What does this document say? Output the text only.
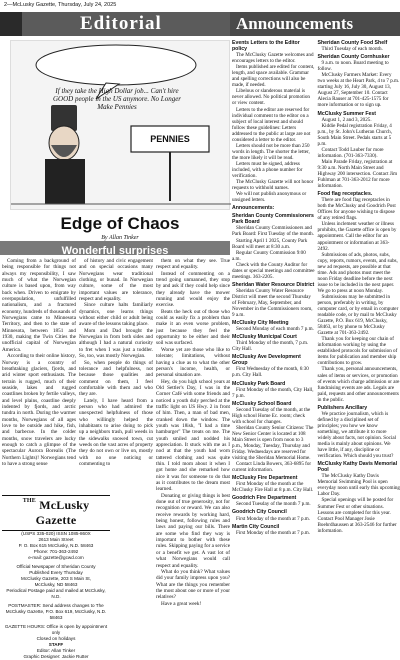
2—McLusky Gazette, Thursday, July 24, 2025
Editorial	Announcements
If they take the High Dollar job... Can't hire GOOD people in the US anymore. No Longer Make Pennies
PENNIES
Edge of Chaos
By Allan Tinker
Wonderful surprises

Coming from a background of being responsible for things not always my responsibility, I saw much of what the Norwegian culture is based upon, from way back when. Driven to emigrate by overpopulation, unfulfilled nationalism, and a fractured economy, hundreds of thousands of Norwegians came to Minnesota Territory, and then to the state of Minnesota, between 1851 and 1930, making the Twin Cities the unofficial capital of Norwegian America.

According to their online history, Norway is a country of breathtaking glaciers, fjords, and arid winter sport enthusiasts. The terrain is rugged, much of their seaside, lakes and rugged coastlines broken by fertile valleys, and level plains, coastline deeply indented by fjords, and arctic tundra in north. During the warmer months, Norwegians of all ages love to be outside and hike, fish, and barbecue. In the colder months, snow travelers are lucky enough to catch a glimpse of the spectacular Aurora Borealis (The Northern Lights)! Norwegians tend to have a strong sense

of history and civic engagement and on special occasions many Norwegians wear traditional clothing, or bunad. In Norwegian culture, some of the most important values are tolerance, respect and equality.

Since culture halts familiarly dynamics, one learns things without either child or adult being aware of the lessons taking place.

Mom and Dad brought the Norwegian in from both sides and although I had a natural curiosity to fret when I was just a toddler. So, too, was mostly Norwegian.

So, when people do things of tolerance and helpfulness, not because those qualities and comment on them, I feel comfortable with them and who they are.

Lately, I have heard from a person who had admired the unexpected helpfulness of those who willingly helped the inhabitants to arise doing to pick up a neighbors trash, pull weeds in the sidewalks snowed town, cut weeds on the vast acres of property they do not own or live on, mostly with no one noticing or commenting to

them on what they see. True respect and equality.

Instead of commenting on a trend going unmanned, they stop by and ask if they could help since they already have the mower running and would enjoy the exercise.

Beats the heck out of those who could as easily fix a problem than make it an even worse problem, just because they feel the opportunity to be either and their soil was surfaced.

Worse yet are those who like to tolerate; limitations, without having a clue as to what the other person's income, health, or personal situation are.

Hey, do you high school years at Old Settler's Day, I was in the Corner Café with some friends and noticed a youth duly perched at the traffic light on US Hwy. 2 in front of him. Then, a man of bad men, cranked down the window. The youth was 18ish, "I had a time hamburger" The treats on me. The youth smiled and nodded his appreciation. It stuck with me as I nod at that the youth had worn tattered clothing and was quite thin. I told mom about it when I got home and she remarked how nice it was for someone to do that as it contributes to the dream most learned.

Donating or giving things is best done out of true generosity, not for recognition or reward. We can also receive rewards by working hard, being honest, following rules and laws and paying our bills. There are some who find they way is important to bother with these rules. Skipping paying for a service or a benefit we get. A vast lot of what Norwegians would call respect and equality.

What do you think? What values did your family impress upon you? What are the things you remember the most about one or more of your relatives?

Have a great week!

$^{THE}$ McLusky Gazette
(USPS 335-020) ISSN 1085-860X
2613 Main Street
P. O. Box 615 McClusky, N.D. 58463
Phone: 701-363-2492
e-mail: gazette@gcwd.com
Official Newspaper of Sheridan County
Published Every Thursday
McClusky Gazette, 203 S Main St,
McClusky, ND 58463
Periodical Postage paid and mailed at McClusky, N.D.
POSTMASTER: Send address changes to The
McClusky Gazette, P.O. Box 619, McClusky, N.D. 58463
GAZETTE HOURS: Office is open by appointment only
Closed on holidays
STAFF
Editor: Allan Tinker
Graphic Designer: Jackie Rutter
Events Letters to the Editor policy

The McClusky Gazette welcomes and encourages letters to the editor.

Items published are edited for content, length, and space available. Grammar and spelling corrections will also be made, if needed.

Libelous or slanderous material is never allowed. No political promotion or view content.

Letters to the editor are reserved for individual comment to the editor on a subject of local interest and should follow these guidelines: Letters addressed to the public at large are not considered a letter to the editor.

Letters should not be more than 250 words in length. The shorter the letter, the more likely it will be read.

Letters must be signed, address included, with a phone number for verification.

The McClusky Gazette will not honor requests to withhold names.

We will not publish anonymous or unsigned letters.

Announcements:
Sheridan County Commissioners Park Board

Sheridan County Commissioners and Park Board: First Tuesday of the month.

Starting April 1 2025, County Park Board will meet at 8:30 a.m.

Regular County Commission 9:00 a.m.

Check with the County Auditor for dates or special meetings and committee meetings. 363-2205.

Sheridan Water Resource District

Sheridan County Water Resource District will meet the second Thursday of February, May, September, and November in the Commissioners room, 9 a.m.

McClusky City Meeting

Second Monday of each month 7 p.m.

McClusky Municipal Court

Third Monday of the month, 7 p.m. City Hall.

McClusky Ave Development Group

First Wednesday of the month, 6:30 p.m. City Hall.

McClusky Park Board

First Monday of the month, City Hall, 7 p.m.

McClusky School Board

Second Tuesday of the month, at the High school Home Ec. room; check with school for changes.

Sheridan County Senior Citizens: The New Senior Center is located at 108 Main Street is open from noon to 3 p.m., Monday, Tuesday, Thursday and Friday. Wednesdays are reserved for visiting the Sheridan Memorial Home.

Contact Linda Bowers, 363-6895 for current information.

McClusky Fire Department

First Monday of the month at the McClusky Fire Hall at 8 p.m. City Hall.

Goodrich Fire Department

Second Tuesday of the month 7 p.m.

Goodrich City Council

First Monday of the month at 7 p.m.

Martin City Council

First Monday of the month at 7 p.m.

Sheridan County Food Shelf

Third Tuesday of each month.

Sheridan County Cornhusker

9 a.m. to noon. Board meeting to follow.

McClusky Farmers Market: Every two weeks at the Heart Park, 4 to 7 p.m. starting July 16, July 30, August 13, August 27, September 10. Contact Alecia Rauser at 701-425-1575 for more information or to sign up.

McClusky Summer Fest

August 1, 2 and 3, 2025.

Kiddie Pedal registration Friday, 4 p.m., by St. John's Lutheran Church, South Main Street. Pedals starts at 5 p.m.

Contact Todd Lauber for more information. (701-363-7330).

Main Parade Friday, registration at 9:30 a.m. North Main Street and Highway 200 intersection. Contact Jim Fuhlman at 701-363-2012 for more information.

Food flag receptacles.

There are food flag receptacles in both the McClusky and Goodrich Post Offices for anyone wishing to dispose of any retired flags.

Unless inclement weather or illness prohibits, the Gazette office is open by appointment. Call the editor for an appointment or information at 363-2492.

Submissions of ads, photos, subs, copy, reports, rumors, events, and subs, new ad requests, are possible at that time. Ads and photos must meet the noon Friday deadline before the next issue to be included in the next paper. We go to press at noon Monday.

Submissions may be submitted in person, preferably in writing, by computer card, or by email in computer readable code, or by mail to McClusky Gazette, P.O. Box 619, McClusky, 58463, or by phone to McClusky Gazette at 701-363-2492.

Thank you for keeping our chain of information working by using the established protocols for submission of items for publication and member ship contributions to grow.

Thank you, personal announcements, sales of items or services, or promotion of events which charge admission or are fundraising events are ads. Legals are paid, requests and other announcements in the public.

Publishers Ancillary

We practice journalism, which is defined by a disciplined set of principles; you how we know something, we attribute it to more widely about facts, not opinion. Social media is mainly about opinions. We have little, if any, discipline or verification. Which should you trust?

McClusky Kathy Davis Memorial Pool

The McClusky Kathy Davis Memorial Swimming Pool is open everyday noon until early this upcoming Labor Day.

Special openings will be posted for Summer Fest or other situations. Lessons are completed for this year. Contact Pool Manager Josie Boehrdhaussen at 363-2546 for further information.
